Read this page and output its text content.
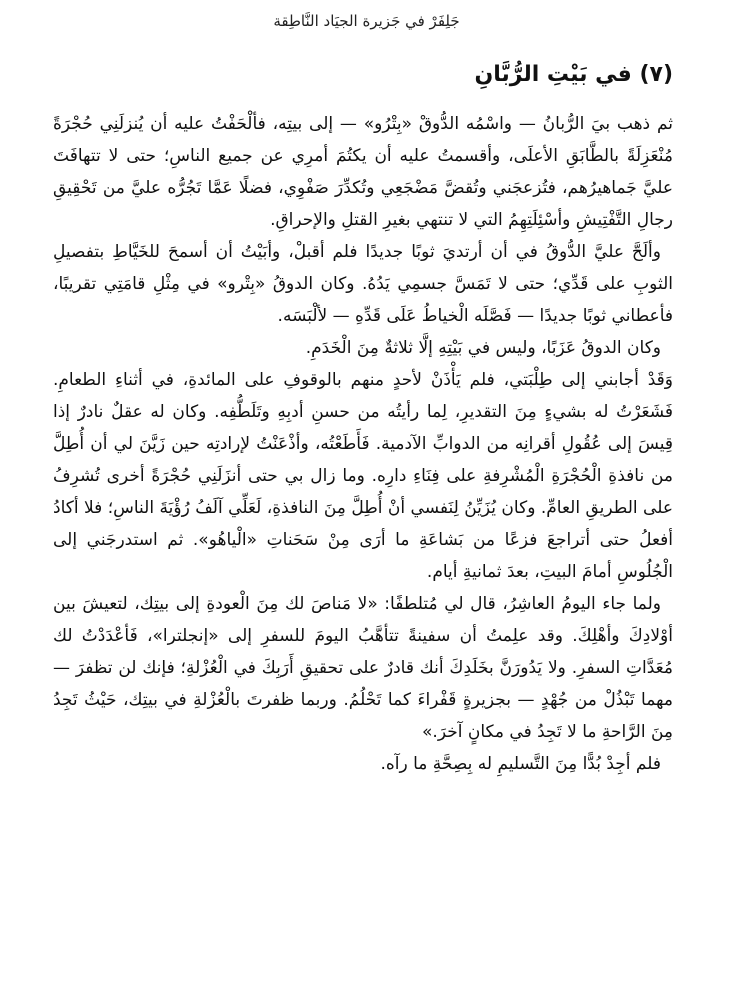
جَلِفَرْ في جَزيرة الجيَاد النَّاطِقة
(٧) في بَيْتِ الرُّبَّانِ

ثم ذهب بيَ الرُّبانُ — واسْمُه الدُّوقْ «بِتْرُو» — إلى بيتِه، فألْحَفْتُ عليه أن يُنزلَنِي حُجْرَةً مُنْعَزِلَةً بالطَّابَقِ الأعلَى، وأقسمتُ عليه أن يكتُمَ أمرِي عن جميع الناسِ؛ حتى لا تتهافَتَ عليَّ جَماهيرُهم، فتُزعجَني وتُقضَّ مَضْجَعِي وتُكدِّرَ صَفْوِي، فضلًا عَمَّا تَجُرُّه عليَّ من تَحْقِيقِ رجالِ التَّفْتِيشِ وأسْئِلَتِهِمُ التي لا تنتهي بغيرِ القتلِ والإحراقِ.

وألَحَّ عليَّ الدُّوقُ في أن أرتديَ ثوبًا جديدًا فلم أقبلْ، وأبَيْتُ أن أسمحَ للخَيَّاطِ بتفصيلِ الثوبِ على قَدِّي؛ حتى لا تَمَسَّ جسمِي يَدُهُ. وكان الدوقُ «بِتْرو» في مِثْلِ قامَتِي تقريبًا، فأعطاني ثوبًا جديدًا — فَصَّلَه الْخياطُ عَلَى قَدِّهِ — لألْبَسَه.

وكان الدوقُ عَزَبًا، وليس في بَيْتِهِ إلَّا ثلاثةٌ مِنَ الْخَدَمِ.

وَقَدْ أجابني إلى طِلْبَتي، فلم يَأْذَنْ لأحدٍ منهم بالوقوفِ على المائدةِ، في أثناءِ الطعامِ. فَشَعَرْتُ له بشيءٍ مِنَ التقديرِ، لِما رأيتُه من حسنِ أدبِهِ وتَلَطُّفِه. وكان له عقلٌ نادرٌ إذا قِيسَ إلى عُقُولِ أقرانِه من الدوابِّ الآدمية. فَأَطَعْتُه، وأذْعَنْتُ لإرادتِه حين زَيَّنَ لي أن أُطِلَّ من نافذةِ الْحُجْرَةِ الْمُشْرِفةِ على فِنَاءِ دارِه. وما زال بي حتى أنزَلَنِي حُجْرَةً أخرى تُشرِفُ على الطريقِ العامِّ. وكان يُزَيِّنُ لِنَفسي أنْ أُطِلَّ مِنَ النافذةِ، لَعَلِّي آلَفُ رُؤْيَةَ الناسِ؛ فلا أكادُ أفعلُ حتى أتراجعَ فزعًا من بَشاعَةِ ما أرَى مِنْ سَحَناتِ «الْياهُو». ثم استدرجَني إلى الْجُلُوسِ أمامَ البيتِ، بعدَ ثمانيةِ أيام.

ولما جاء اليومُ العاشِرُ، قال لي مُتلطفًا: «لا مَناصَ لك مِنَ الْعودةِ إلى بيتِك، لتعيشَ بين أوْلادِكَ وأهْلِكَ. وقد علِمتُ أن سفينةً تتأهَّبُ اليومَ للسفرِ إلى «إنجلترا»، فَأعْدَدْتُ لك مُعَدَّاتِ السفرِ. ولا يَدُورَنَّ بخَلَدِكَ أنك قادرٌ على تحقيقِ أَرَبِكَ في الْعُزْلةِ؛ فإنك لن تظفرَ — مهما تَبْذُلْ من جُهْدٍ — بجزيرةٍ قَفْراءَ كما تَحْلُمُ. وربما ظفرتَ بالْعُزْلةِ في بيتِك، حَيْثُ تَجِدُ مِنَ الرَّاحةِ ما لا تَجِدُ في مكانٍ آخرَ.»

فلم أجِدْ بُدًّا مِنَ التَّسليمِ له بِصِحَّةِ ما رآه.
